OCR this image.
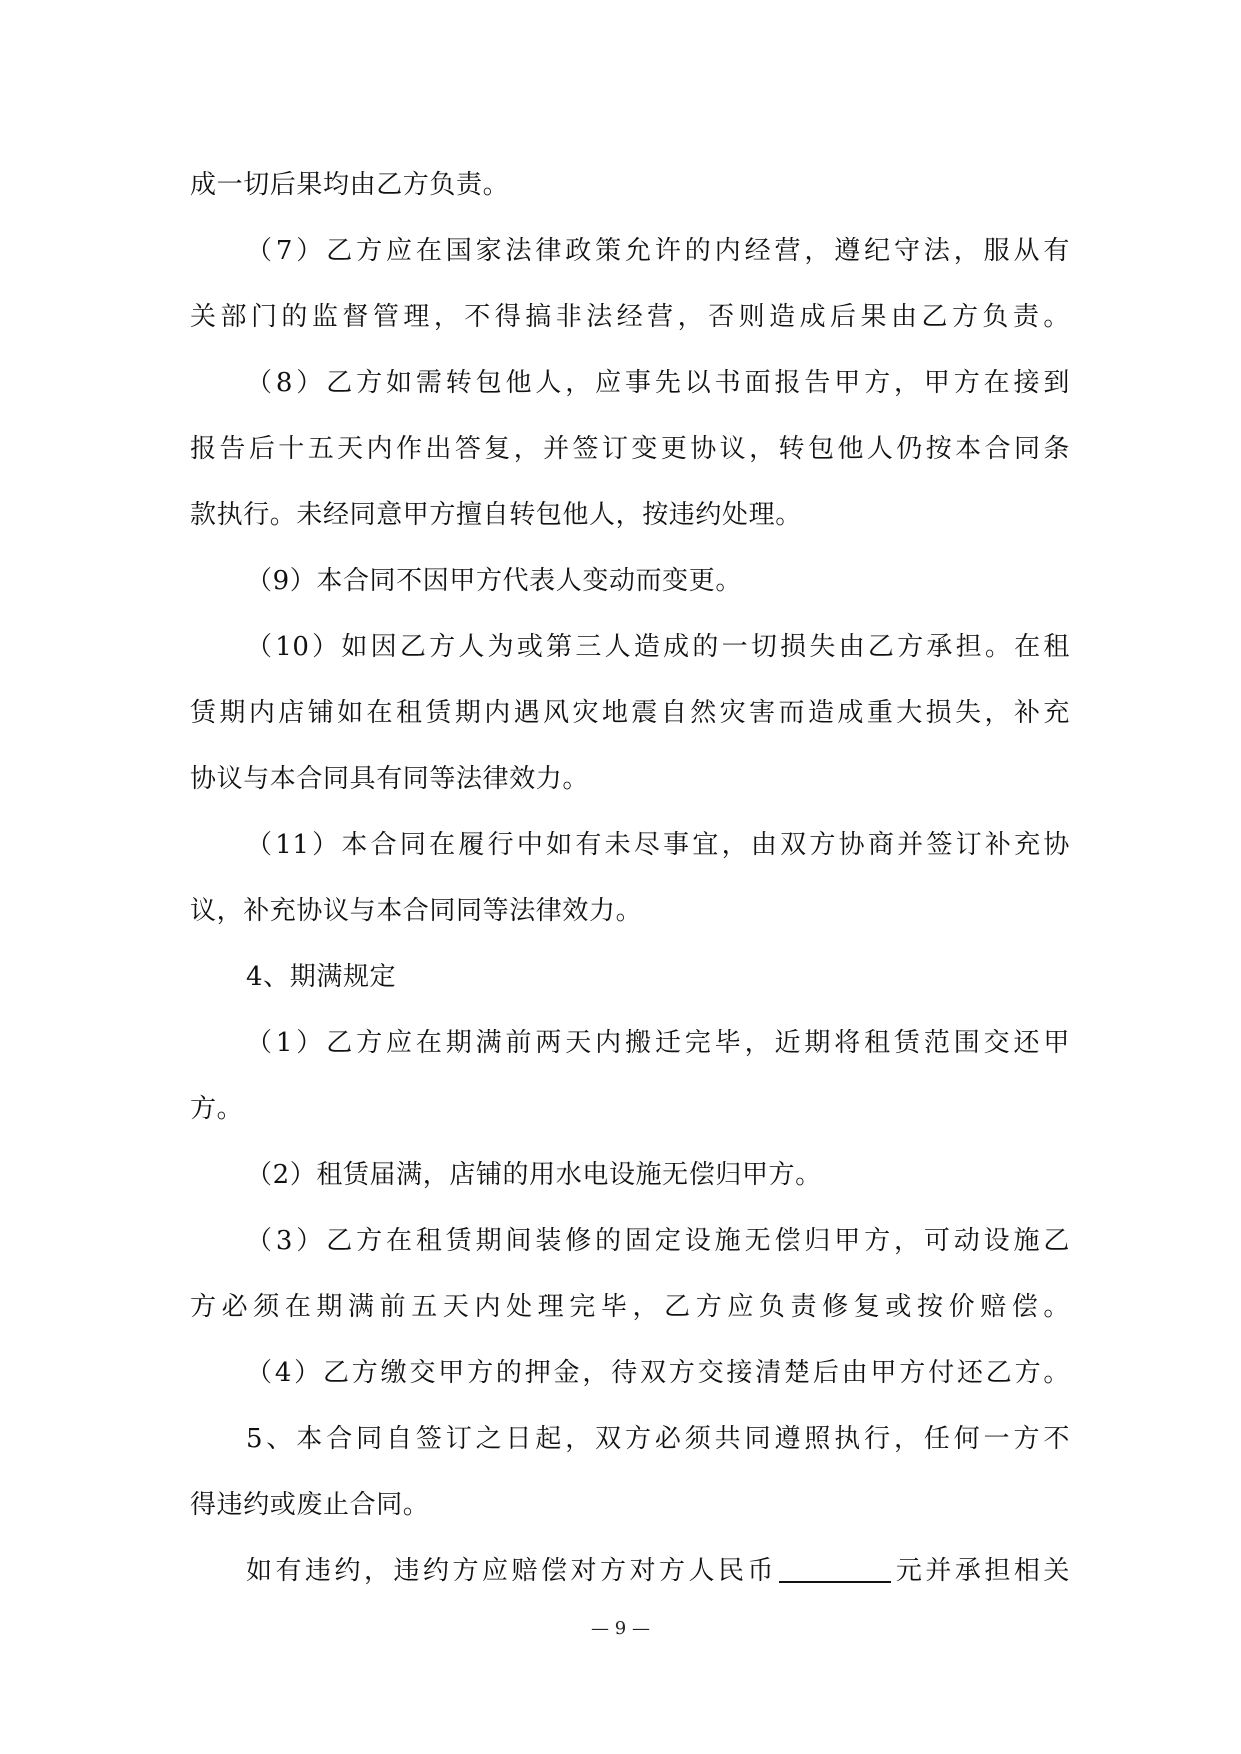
成一切后果均由乙方负责。
（7）乙方应在国家法律政策允许的内经营，遵纪守法，服从有
关部门的监督管理，不得搞非法经营，否则造成后果由乙方负责。
（8）乙方如需转包他人，应事先以书面报告甲方，甲方在接到
报告后十五天内作出答复，并签订变更协议，转包他人仍按本合同条
款执行。未经同意甲方擅自转包他人，按违约处理。
（9）本合同不因甲方代表人变动而变更。
（10）如因乙方人为或第三人造成的一切损失由乙方承担。在租
赁期内店铺如在租赁期内遇风灾地震自然灾害而造成重大损失，补充
协议与本合同具有同等法律效力。
（11）本合同在履行中如有未尽事宜，由双方协商并签订补充协
议，补充协议与本合同同等法律效力。
4、期满规定
（1）乙方应在期满前两天内搬迁完毕，近期将租赁范围交还甲
方。
（2）租赁届满，店铺的用水电设施无偿归甲方。
（3）乙方在租赁期间装修的固定设施无偿归甲方，可动设施乙
方必须在期满前五天内处理完毕，乙方应负责修复或按价赔偿。
（4）乙方缴交甲方的押金，待双方交接清楚后由甲方付还乙方。
5、本合同自签订之日起，双方必须共同遵照执行，任何一方不
得违约或废止合同。
如有违约，违约方应赔偿对方对方人民币	元并承担相关
— 9 —
